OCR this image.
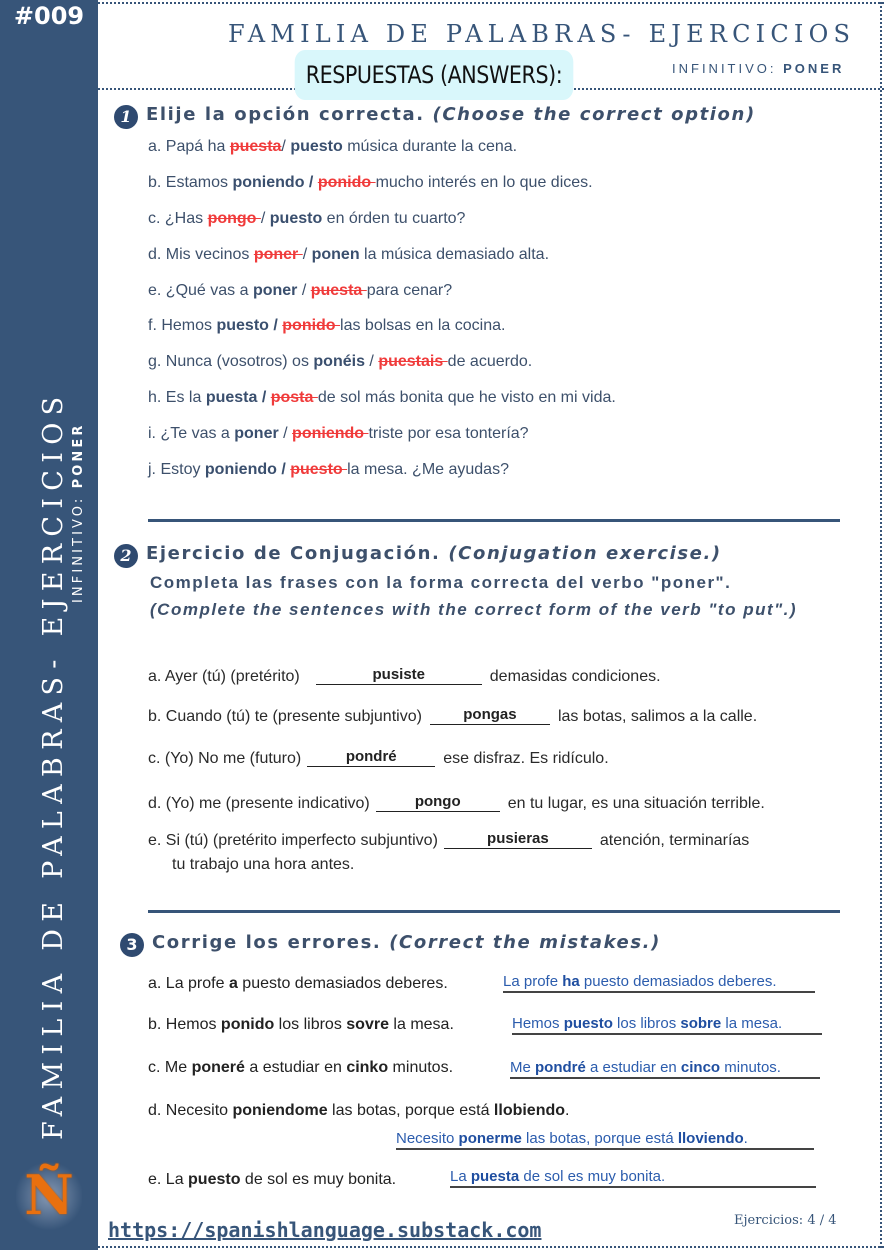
#009
FAMILIA DE PALABRAS- EJERCICIOS INFINITIVO: PONER
Ñ
FAMILIA DE PALABRAS- EJERCICIOS
RESPUESTAS (ANSWERS):	INFINITIVO: PONER
1 Elije la opción correcta. (Choose the correct option)
a. Papá ha puesta/ puesto música durante la cena.
b. Estamos poniendo / ponido mucho interés en lo que dices.
c. ¿Has pongo / puesto en órden tu cuarto?
d. Mis vecinos poner / ponen la música demasiado alta.
e. ¿Qué vas a poner / puesta para cenar?
f. Hemos puesto / ponido las bolsas en la cocina.
g. Nunca (vosotros) os ponéis / puestais de acuerdo.
h. Es la puesta / posta de sol más bonita que he visto en mi vida.
i. ¿Te vas a poner / poniendo triste por esa tontería?
j. Estoy poniendo / puesto la mesa. ¿Me ayudas?
2 Ejercicio de Conjugación. (Conjugation exercise.)
Completa las frases con la forma correcta del verbo "poner".
(Complete the sentences with the correct form of the verb "to put".)
a. Ayer (tú) (pretérito)	pusiste	demasidas condiciones.
b. Cuando (tú) te (presente subjuntivo)	pongas	las botas, salimos a la calle.
c. (Yo) No me (futuro)	pondré	ese disfraz. Es ridículo.
d. (Yo) me (presente indicativo)	pongo	en tu lugar, es una situación terrible.
e. Si (tú) (pretérito imperfecto subjuntivo)	pusieras	atención, terminarías
tu trabajo una hora antes.
3 Corrige los errores. (Correct the mistakes.)
a. La profe a puesto demasiados deberes.	La profe ha puesto demasiados deberes.
b. Hemos ponido los libros sovre la mesa.	Hemos puesto los libros sobre la mesa.
c. Me poneré a estudiar en cinko minutos.	Me pondré a estudiar en cinco minutos.
d. Necesito poniendome las botas, porque está llobiendo.
Necesito ponerme las botas, porque está lloviendo.
e. La puesto de sol es muy bonita.	La puesta de sol es muy bonita.
https://spanishlanguage.substack.com	Ejercicios: 4 / 4
